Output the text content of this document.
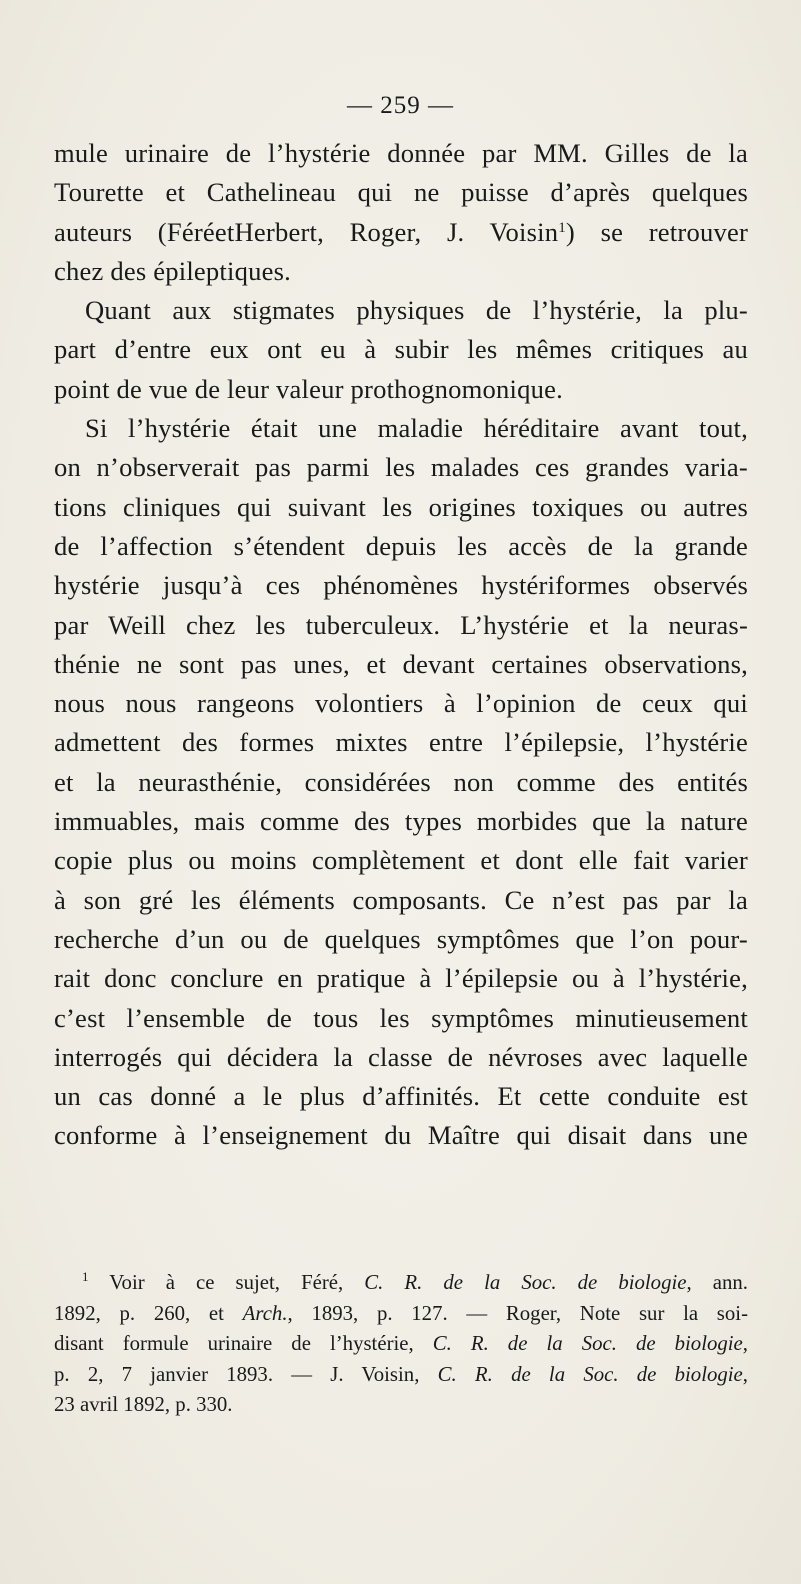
— 259 —
mule urinaire de l’hystérie donnée par MM. Gilles de la
Tourette et Cathelineau qui ne puisse d’après quelques
auteurs (FéréetHerbert, Roger, J. Voisin$^1$) se retrouver
chez des épileptiques.
Quant aux stigmates physiques de l’hystérie, la plu-
part d’entre eux ont eu à subir les mêmes critiques au
point de vue de leur valeur prothognomonique.
Si l’hystérie était une maladie héréditaire avant tout,
on n’observerait pas parmi les malades ces grandes varia-
tions cliniques qui suivant les origines toxiques ou autres
de l’affection s’étendent depuis les accès de la grande
hystérie jusqu’à ces phénomènes hystériformes observés
par Weill chez les tuberculeux. L’hystérie et la neuras-
thénie ne sont pas unes, et devant certaines observations,
nous nous rangeons volontiers à l’opinion de ceux qui
admettent des formes mixtes entre l’épilepsie, l’hystérie
et la neurasthénie, considérées non comme des entités
immuables, mais comme des types morbides que la nature
copie plus ou moins complètement et dont elle fait varier
à son gré les éléments composants. Ce n’est pas par la
recherche d’un ou de quelques symptômes que l’on pour-
rait donc conclure en pratique à l’épilepsie ou à l’hystérie,
c’est l’ensemble de tous les symptômes minutieusement
interrogés qui décidera la classe de névroses avec laquelle
un cas donné a le plus d’affinités. Et cette conduite est
conforme à l’enseignement du Maître qui disait dans une
$^1$ Voir à ce sujet, Féré, C. R. de la Soc. de biologie, ann.
1892, p. 260, et Arch., 1893, p. 127. — Roger, Note sur la soi-
disant formule urinaire de l’hystérie, C. R. de la Soc. de biologie,
p. 2, 7 janvier 1893. — J. Voisin, C. R. de la Soc. de biologie,
23 avril 1892, p. 330.
